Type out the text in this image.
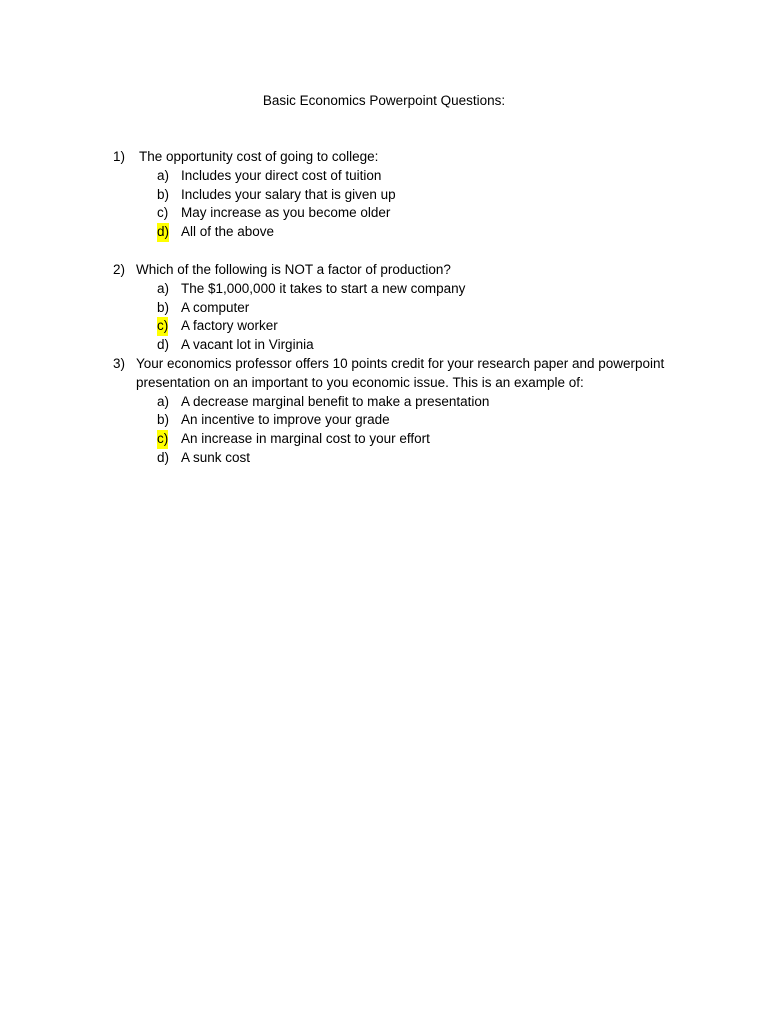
Basic Economics Powerpoint Questions:
1) The opportunity cost of going to college:
a) Includes your direct cost of tuition
b) Includes your salary that is given up
c) May increase as you become older
d) All of the above
2) Which of the following is NOT a factor of production?
a) The $1,000,000 it takes to start a new company
b) A computer
c) A factory worker
d) A vacant lot in Virginia
3) Your economics professor offers 10 points credit for your research paper and powerpoint
presentation on an important to you economic issue. This is an example of:
a) A decrease marginal benefit to make a presentation
b) An incentive to improve your grade
c) An increase in marginal cost to your effort
d) A sunk cost
